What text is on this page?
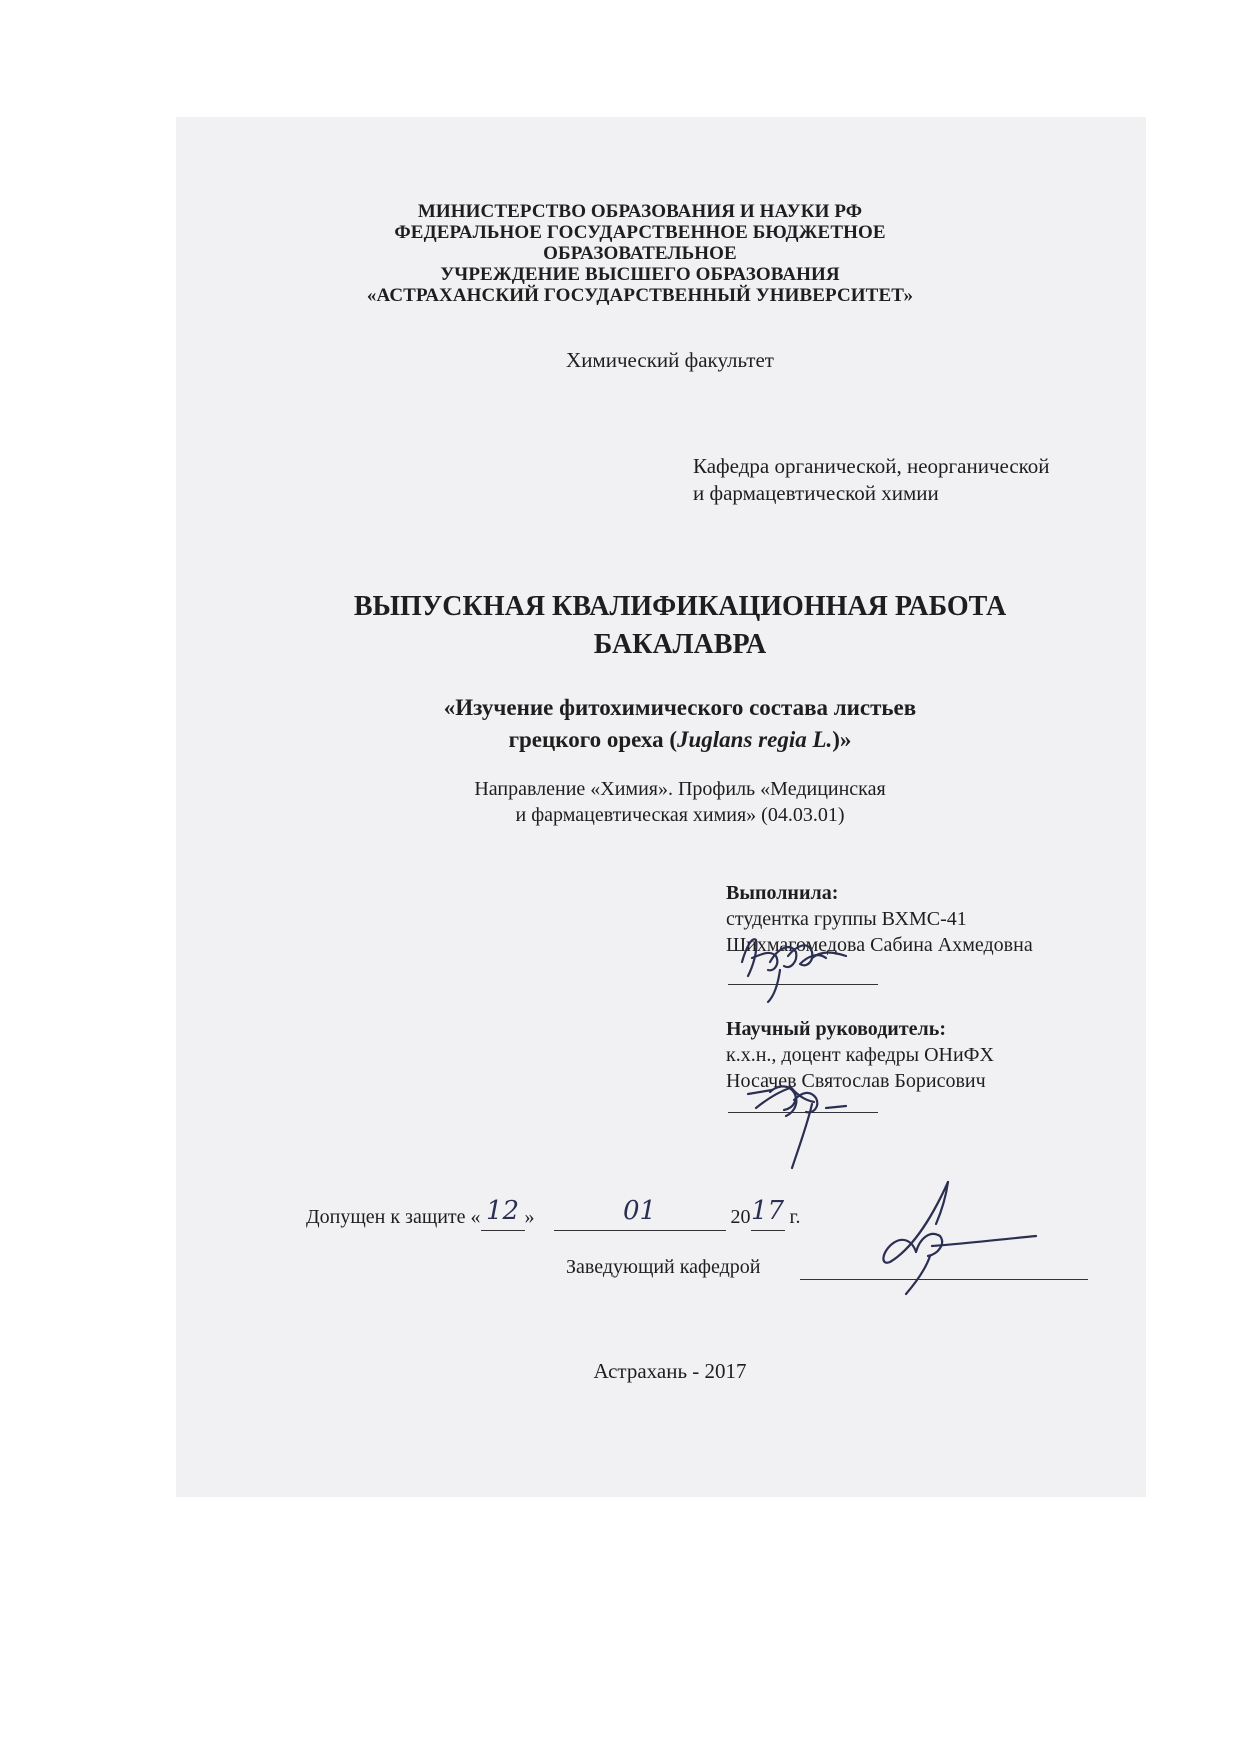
МИНИСТЕРСТВО ОБРАЗОВАНИЯ И НАУКИ РФ
ФЕДЕРАЛЬНОЕ ГОСУДАРСТВЕННОЕ БЮДЖЕТНОЕ ОБРАЗОВАТЕЛЬНОЕ
УЧРЕЖДЕНИЕ ВЫСШЕГО ОБРАЗОВАНИЯ
«АСТРАХАНСКИЙ ГОСУДАРСТВЕННЫЙ УНИВЕРСИТЕТ»
Химический факультет
Кафедра органической, неорганической
и фармацевтической химии
ВЫПУСКНАЯ КВАЛИФИКАЦИОННАЯ РАБОТА
БАКАЛАВРА
«Изучение фитохимического состава листьев
грецкого ореха (Juglans regia L.)»
Направление «Химия». Профиль «Медицинская
и фармацевтическая химия» (04.03.01)
Выполнила:
студентка группы ВХМС-41
Шихмагомедова Сабина Ахмедовна
Научный руководитель:
к.х.н., доцент кафедры ОНиФХ
Носачев Святослав Борисович
Допущен к защите « 12 »	01	2017 г.
Заведующий кафедрой
Астрахань - 2017
